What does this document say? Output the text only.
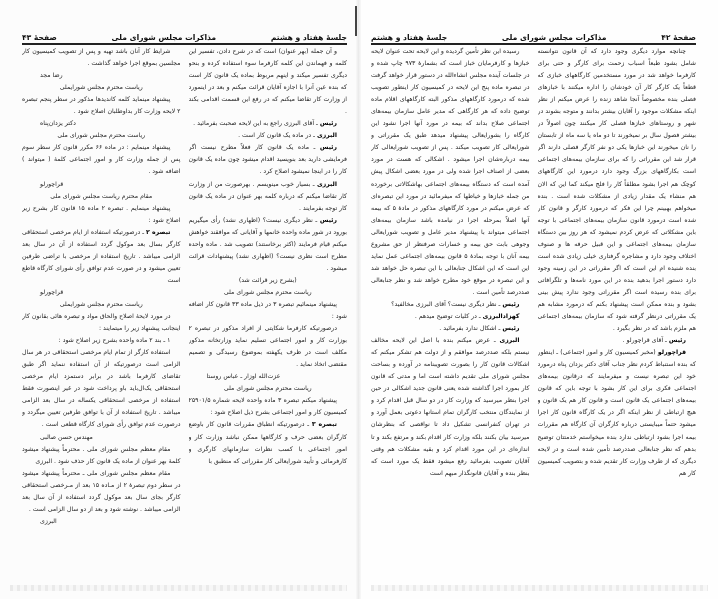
صفحهٔ ۴۳	مذاکرات مجلس شورای ملی	جلسهٔ هفتاد و هشتم

و آن جمله (بهر عنوان) است که در شرح دادن، تفسیر این کلمه و فهماندن این کلمه کارفرما سوء استفاده کرده و بنحو دیگری تفسیر میکند و اینهم مربوط بماده یک قانون کار است که بنده عین آنرا با اجازه آقایان قرائت میکنم و بعد در اینمورد از وزارت کار تقاضا میکنم که در رفع این قسمت اقدامی بکند .

رئیس ـ آقای البرزی راجع به این لایحه صحبت بفرمائید .

البرزی ـ در ماده یک قانون کار است .

رئیس ـ ماده یک قانون کار فعلاً مطرح نیست اگر فرمایشی دارید بعد بنویسید اقدام میشود چون ماده یک قانون کار را در اینجا نمیشود اصلاح کرد .

البرزی ـ بسیار خوب مینویسم . بهرصورت من از وزارت کار تقاضا میکنم که درباره کلمه بهر عنوان در ماده یک قانون کار توجه بفرمایند .

رئیس ـ نظر دیگری نیست؟ (اظهاری نشد) رأی میگیریم بورود در شور ماده واحده خانمها و آقایانی که موافقند خواهش میکنم قیام فرمایند (اکثر برخاستند) تصویب شد . ماده واحده مطرح است نظری نیست؟ (اظهاری نشد) پیشنهادات قرائت میشود .

(بشرح زیر قرائت شد)

ریاست محترم مجلس شورای ملی

پیشنهاد مینمائیم تبصره ۳ در ذیل ماده ۳۳ قانون کار اضافه شود :

درصورتیکه کارفرما شکایتی از افراد مذکور در تبصره ۲ بوزارت کار و امور اجتماعی تسلیم نماید وزارتخانه مذکور مکلف است در ظرف یکهفته بموضوع رسیدگی و تصمیم مقتضی اتخاذ نماید .

عزت‌الله اوزار ـ عباس روستا

ریاست محترم مجلس شورای ملی

پیشنهاد میکنم تبصره ۳ ماده واحده لایحه شماره ۲۵۹۰۱/۵ کمیسیون کار و امور اجتماعی بشرح ذیل اصلاح شود :

تبصره ۳ ـ درصورتیکه انطباق مقررات قانون کار باوضع کارگران بعضی حرف و کارگاهها ممکن نباشد وزارت کار و امور اجتماعی با کسب نظرات سازمانهای کارگری و کارفرمائی و تأیید شورایعالی کار مقرراتی که منطبق با

شرایط کار آنان باشد تهیه و پس از تصویب کمیسیون کار مجلسین بموقع اجرا خواهد گذاشت .

رضا مجد

ریاست محترم مجلس شورایملی

پیشنهاد مینماید کلمه کاندیدها مذکور در سطر پنجم تبصره ۲ لایحه وزارت کار بداوطلبان اصلاح شود .

دکتر یزدان‌پناه

ریاست محترم مجلس شورای ملی

پیشنهاد مینمایم : در ماده ۶۶ مکرر قانون کار سطر سوم پس از جمله وزارت کار و امور اجتماعی کلمهٔ ( میتواند ) اضافه شود .

قراچورلو

مقام محترم ریاست مجلس شورای ملی

پیشنهاد مینمایم . تبصره ۲ ماده ۱۵ قانون کار بشرح زیر اصلاح شود :

تبصره ۲ ـ درصورتیکه استفاده از ایام مرخصی استحقاقی کارگر بسال بعد موکول گردد استفاده از آن در سال بعد الزامی میباشد . تاریخ استفاده از مرخصی با تراضی طرفین تعیین میشود و در صورت عدم توافق رأی شورای کارگاه قاطع است

قراچورلو

ریاست محترم مجلس شورایملی

در مورد لایحهٔ اصلاح والحاق مواد و تبصره هائی بقانون کار اینجانب پیشنهاد زیر را میتمایند :

۱ ـ بند ۲ ماده واحده بشرح زیر اصلاح شود :

استفاده کارگر از تمام ایام مرخصی استحقاقی در هر سال الزامی است درصورتیکه از آن استفاده ننماید اگر طبق تقاضای کارفرما باشد در برابر دستمزد ایام مرخصی استحقاقی یک‌ال‌باید باو پرداخت شود در غیر اینصورت فقط استفاده از مرخصی استحقاقی یکساله در سال بعد الزامی میباشد . تاریخ استفاده از آن با توافق طرفین تعیین میگردد و درصورت عدم توافق رأی شورای کارگاه قطعی است .

مهندس حسن صالبی

مقام معظم مجلس شورای ملی . محترماً پیشنهاد میشود کلمهٔ بهر عنوان از ماده یک قانون کار حذف شود . البرزی

مقام معظم مجلس شورای ملی ـ محترماً پیشنهاد میشود در سطر دوم تبصرهٔ ۲ از مـاده ۱۵ بعد از مـرخصی استحقاقی کارگر بجای سال بعد موکول گردد استفاده از آن سال بعد الزامی میباشد . نوشته شود و بعد از دو سال الزامی است .

البرزی

جلسهٔ هفتاد و هشتم	مذاکرات مجلس شورای ملی	صفحهٔ ۴۲

چنانچه موارد دیگری وجود دارد که آن قانون نتوانسته شامل بشود طبعاً اسباب زحمت برای کارگر و حتی برای کارفرما خواهد شد در مورد مستخدمین کارگاههای خبازی که قطعاً یک کارگر کار آن خودشان را اداره میکنند با خبازهای فصلی بنده مخصوصاً آنجا شاهد زنده را عرض میکنم از نظر اینکه مشکلات موجود را آقایان بیشتر بدانند و متوجه بشوند در شهر و روستاهای خبازها فصلی کار میکنند چون اصولاً در بیشتر فصول سال بر نمیخورند تا دو ماه یا سه ماه از تابستان را نان میخورند این خبازها یکی دو نفر کارگر فصلی دارند اگر قرار شد این مقرراتی را که برای سازمان بیمه‌های اجتماعی است بکارگاههای بزرگ وجود دارد درمورد این کارگاههای کوچک هم اجرا بشود مطلقاً کار را فلج میکند کما این که الان هم منشاء یک مقدار زیادی از مشکلات شده است . بنده میخواهم بهبینم چرا این فکر که درمورد کارگر و قانون کار شده است درمورد قانون سازمان بیمه‌های اجتماعی با توجه باین مشکلاتی که عرض کردم نمیشود که هر روز بین دستگاه سازمان بیمه‌های اجتماعی و این قبیل حرفه ها و صنوف اختلاف وجود دارد و مشاجره گرفتاری خیلی زیادی شده است بنده شنیده ام این است که اگر مقرراتی در این زمینه وجود دارد دستور اجرا بدهید بنده در این مورد نامه‌ها و تلگرافاتی برای بنده رسیده است اگر مقرراتی وجود ندارد پیش بینی بشود و بنده ممکن است پیشنهاد بکنم که درمورد مشابه هم یک مقرراتی درنظر گرفته شود که سازمان بیمه‌های اجتماعی هم ملزم باشد که در نظر بگیرد .

رئیس ـ آقای قراچورلو .

قراچورلو (مخبر کمیسیون کار و امور اجتماعی) ـ اینطور که بنده استنباط کردم نظر جناب آقای دکتر یزدان پناه درمورد خود این تبصره نیست و میفرمایند که درقانون بیمه‌های اجتماعی فکری برای این کار بشود با توجه باین که قانون بیمه‌های اجتماعی یک قانون است و قانون کار هم یک قانون و هیچ ارتباطی از نظر اینکه اگر در یک کارگاه قانون کار اجرا میشود حتماً میبایستی درباره کارگران آن کارگاه هم مقررات بیمه اجرا بشود ارتباطی ندارد بنده میخواستم خدمتتان توضیح بدهم که نظر جنابعالی صددرصد تأمین شده است و در لایحه دیگری که از طرف وزارت کار تقدیم شده و بتصویب کمیسیون کار هم

رسیده این نظر تأمین گردیده و این لایحه تحت عنوان لایحه خبازها و کارفرمایان خباز است که بشمارهٔ ۹۷۳ چاپ شده و در جلسات آینده مجلس انشاءالله در دستور قرار خواهد گرفت در تبصره ماده پنج این لایحه در کمیسیون کار اینطور تصویب شده که درمورد کارگاههای مذکور البته کارگاههای اقلام ماده توضیح داده که هر کارگاهی که مدیر عامل سازمان بیمه‌های اجتماعی صلاح بداند که بیمه در مورد آنها اجرا نشود این کارگاه را بشورایعالی پیشنهاد میدهد طبق یک مقرراتی و شورایعالی کار تصویب میکند . پس از تصویب شورایعالی کار بیمه درباره‌شان اجرا میشود . اشکالی که هست در مورد بعضی از اصناف اجرا شده ولی در مورد بعضی اشکال پیش آمده است که دستگاه بیمه‌های اجتماعی بهاشکالاتی برخورده من جمله خبازها و خیاطها که میفرمائید در مورد این تبصره‌ای که عرض میکنم در مورد کارگاههای مذکور در مادهٔ ۵ که بیمه آنها اصلاً بمرحله اجرا در نیامده باشد سازمان بیمه‌های اجتماعی میتواند با پیشنهاد مدیر عامل و تصویب شورایعالی وجوهی بابت حق بیمه و خسارات صرفنظر از حق مشروع بیمه آنان با توجه بمادهٔ ۵ قانون بیمه‌های اجتماعی عمل نماید این است که این اشکال جنابعالی با این تبصره حل خواهد شد و این تبصره در موقع خود مطرح خواهد شد و نظر جنابعالی صددرصد تأمین است .

رئیس ـ نظر دیگری نیست؟ آقای البرزی مخالفید؟

کهزادالبرزی ـ در کلیات توضیح میدهم .

رئیس ـ اشکال ندارد بفرمائید .

البرزی ـ عرض میکنم بنده با اصل این لایحه مخالف نیستم بلکه صددرصد موافقم و از دولت هم تشکر میکنم که اشکالات قانون کار را بصورت تصویبنامه در آورده و بساحت مجلس شورای ملی تقدیم داشته است اما و مدتی که قانون کار بمورد اجرا گذاشته شده یعنی قانون جدید اشکالی در حین اجرا بنظر میرسید که وزارت کار در دو سال قبل اقدام کرد و از نمایندگان منتخب کارگران تمام استانها دعوتی بعمل آورد و در تهران کنفرانسی تشکیل داد تا نواقصی که بنظرشان میرسید بیان بکنند بلکه وزارت کار اقدام بکند و مرتفع بکند و تا اندازه‌ای در این مورد اقدام کرد و بقیه مشکلات هم وقتی آقایان تصویب بفرمائید رفع میشود فقط یک مورد است که بنظر بنده و آقایان قانونگذار مبهم است
